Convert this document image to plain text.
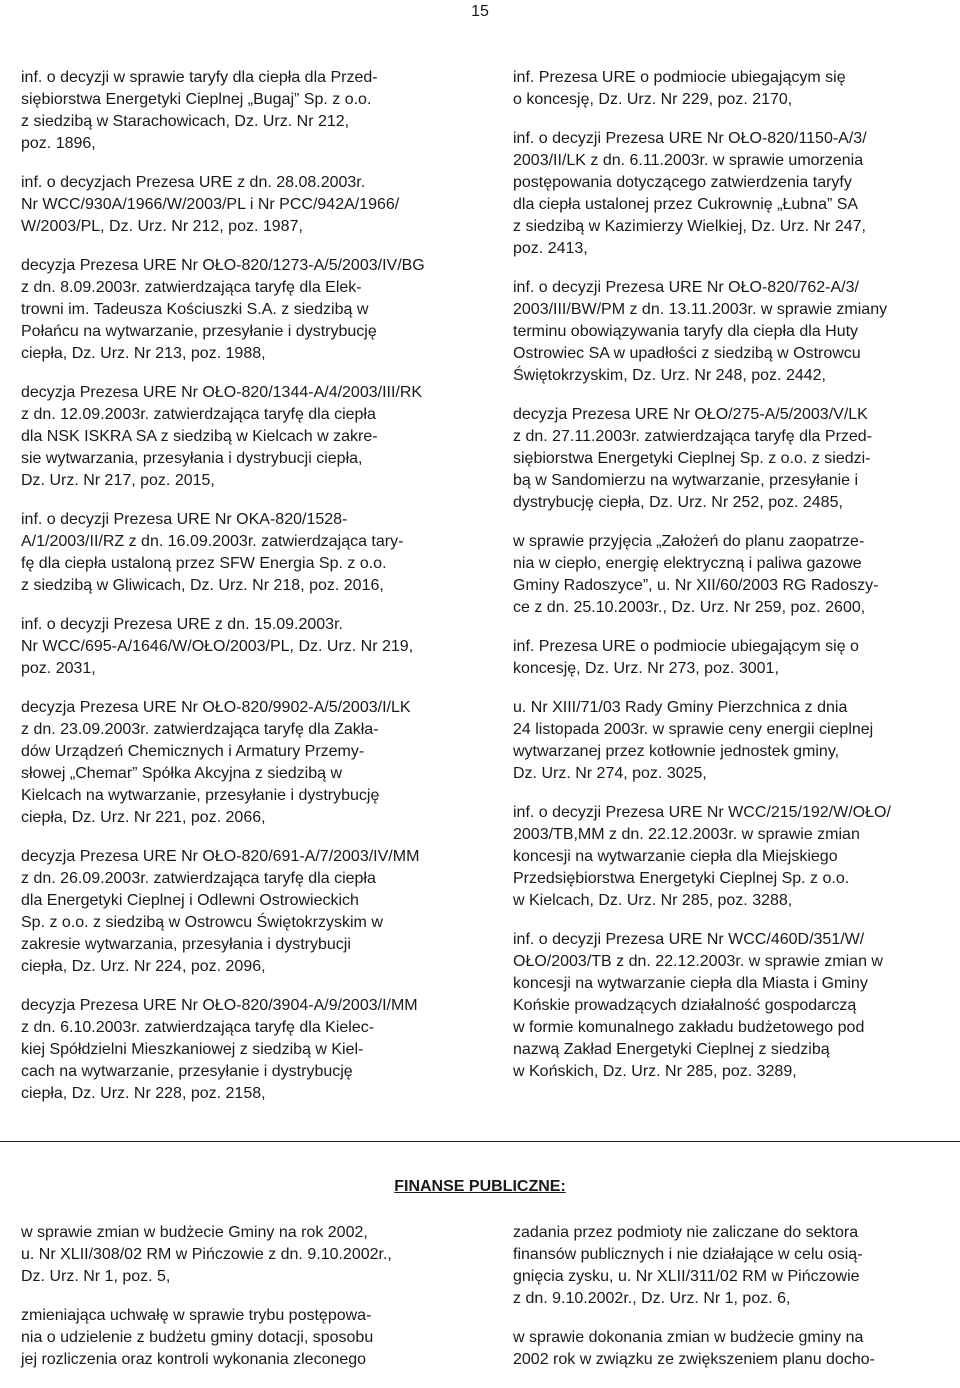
15

inf. o decyzji w sprawie taryfy dla ciepła dla Przed-
siębiorstwa Energetyki Cieplnej „Bugaj” Sp. z o.o.
z siedzibą w Starachowicach, Dz. Urz. Nr 212,
poz. 1896,

inf. o decyzjach Prezesa URE z dn. 28.08.2003r.
Nr WCC/930A/1966/W/2003/PL i Nr PCC/942A/1966/
W/2003/PL, Dz. Urz. Nr 212, poz. 1987,

decyzja Prezesa URE Nr OŁO-820/1273-A/5/2003/IV/BG
z dn. 8.09.2003r. zatwierdzająca taryfę dla Elek-
trowni im. Tadeusza Kościuszki S.A. z siedzibą w
Połańcu na wytwarzanie, przesyłanie i dystrybucję
ciepła, Dz. Urz. Nr 213, poz. 1988,

decyzja Prezesa URE Nr OŁO-820/1344-A/4/2003/III/RK
z dn. 12.09.2003r. zatwierdzająca taryfę dla ciepła
dla NSK ISKRA SA z siedzibą w Kielcach w zakre-
sie wytwarzania, przesyłania i dystrybucji ciepła,
Dz. Urz. Nr 217, poz. 2015,

inf. o decyzji Prezesa URE Nr OKA-820/1528-
A/1/2003/II/RZ z dn. 16.09.2003r. zatwierdzająca tary-
fę dla ciepła ustaloną przez SFW Energia Sp. z o.o.
z siedzibą w Gliwicach, Dz. Urz. Nr 218, poz. 2016,

inf. o decyzji Prezesa URE z dn. 15.09.2003r.
Nr WCC/695-A/1646/W/OŁO/2003/PL, Dz. Urz. Nr 219,
poz. 2031,

decyzja Prezesa URE Nr OŁO-820/9902-A/5/2003/I/LK
z dn. 23.09.2003r. zatwierdzająca taryfę dla Zakła-
dów Urządzeń Chemicznych i Armatury Przemy-
słowej „Chemar” Spółka Akcyjna z siedzibą w
Kielcach na wytwarzanie, przesyłanie i dystrybucję
ciepła, Dz. Urz. Nr 221, poz. 2066,

decyzja Prezesa URE Nr OŁO-820/691-A/7/2003/IV/MM
z dn. 26.09.2003r. zatwierdzająca taryfę dla ciepła
dla Energetyki Cieplnej i Odlewni Ostrowieckich
Sp. z o.o. z siedzibą w Ostrowcu Świętokrzyskim w
zakresie wytwarzania, przesyłania i dystrybucji
ciepła, Dz. Urz. Nr 224, poz. 2096,

decyzja Prezesa URE Nr OŁO-820/3904-A/9/2003/I/MM
z dn. 6.10.2003r. zatwierdzająca taryfę dla Kielec-
kiej Spółdzielni Mieszkaniowej z siedzibą w Kiel-
cach na wytwarzanie, przesyłanie i dystrybucję
ciepła, Dz. Urz. Nr 228, poz. 2158,

inf. Prezesa URE o podmiocie ubiegającym się
o koncesję, Dz. Urz. Nr 229, poz. 2170,

inf. o decyzji Prezesa URE Nr OŁO-820/1150-A/3/
2003/II/LK z dn. 6.11.2003r. w sprawie umorzenia
postępowania dotyczącego zatwierdzenia taryfy
dla ciepła ustalonej przez Cukrownię „Łubna” SA
z siedzibą w Kazimierzy Wielkiej, Dz. Urz. Nr 247,
poz. 2413,

inf. o decyzji Prezesa URE Nr OŁO-820/762-A/3/
2003/III/BW/PM z dn. 13.11.2003r. w sprawie zmiany
terminu obowiązywania taryfy dla ciepła dla Huty
Ostrowiec SA w upadłości z siedzibą w Ostrowcu
Świętokrzyskim, Dz. Urz. Nr 248, poz. 2442,

decyzja Prezesa URE Nr OŁO/275-A/5/2003/V/LK
z dn. 27.11.2003r. zatwierdzająca taryfę dla Przed-
siębiorstwa Energetyki Cieplnej Sp. z o.o. z siedzi-
bą w Sandomierzu na wytwarzanie, przesyłanie i
dystrybucję ciepła, Dz. Urz. Nr 252, poz. 2485,

w sprawie przyjęcia „Założeń do planu zaopatrze-
nia w ciepło, energię elektryczną i paliwa gazowe
Gminy Radoszyce”, u. Nr XII/60/2003 RG Radoszy-
ce z dn. 25.10.2003r., Dz. Urz. Nr 259, poz. 2600,

inf. Prezesa URE o podmiocie ubiegającym się o
koncesję, Dz. Urz. Nr 273, poz. 3001,

u. Nr XIII/71/03 Rady Gminy Pierzchnica z dnia
24 listopada 2003r. w sprawie ceny energii cieplnej
wytwarzanej przez kotłownie jednostek gminy,
Dz. Urz. Nr 274, poz. 3025,

inf. o decyzji Prezesa URE Nr WCC/215/192/W/OŁO/
2003/TB,MM z dn. 22.12.2003r. w sprawie zmian
koncesji na wytwarzanie ciepła dla Miejskiego
Przedsiębiorstwa Energetyki Cieplnej Sp. z o.o.
w Kielcach, Dz. Urz. Nr 285, poz. 3288,

inf. o decyzji Prezesa URE Nr WCC/460D/351/W/
OŁO/2003/TB z dn. 22.12.2003r. w sprawie zmian w
koncesji na wytwarzanie ciepła dla Miasta i Gminy
Końskie prowadzących działalność gospodarczą
w formie komunalnego zakładu budżetowego pod
nazwą Zakład Energetyki Cieplnej z siedzibą
w Końskich, Dz. Urz. Nr 285, poz. 3289,

FINANSE PUBLICZNE:

w sprawie zmian w budżecie Gminy na rok 2002,
u. Nr XLII/308/02 RM w Pińczowie z dn. 9.10.2002r.,
Dz. Urz. Nr 1, poz. 5,

zmieniająca uchwałę w sprawie trybu postępowa-
nia o udzielenie z budżetu gminy dotacji, sposobu
jej rozliczenia oraz kontroli wykonania zleconego

zadania przez podmioty nie zaliczane do sektora
finansów publicznych i nie działające w celu osią-
gnięcia zysku, u. Nr XLII/311/02 RM w Pińczowie
z dn. 9.10.2002r., Dz. Urz. Nr 1, poz. 6,

w sprawie dokonania zmian w budżecie gminy na
2002 rok w związku ze zwiększeniem planu docho-
